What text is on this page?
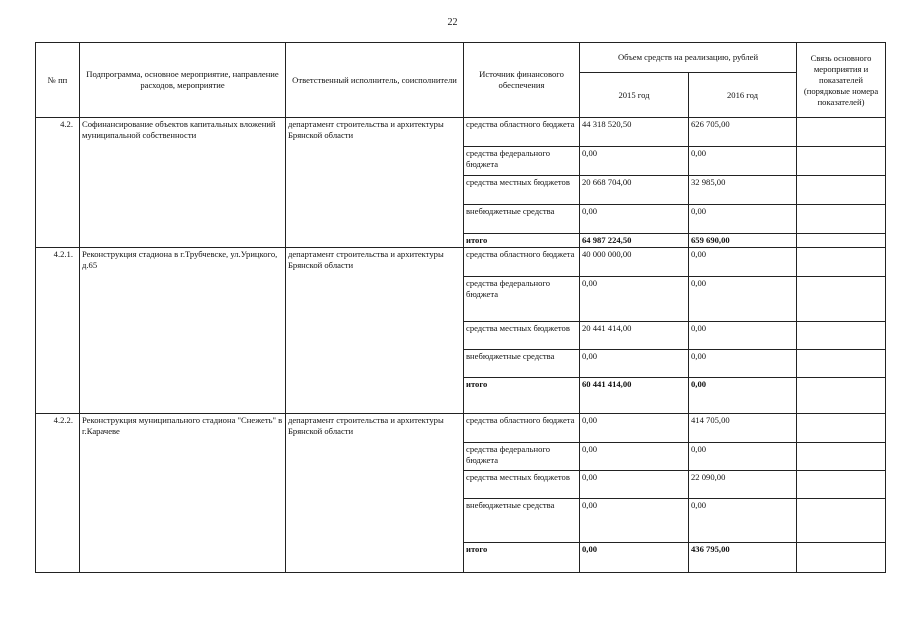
22
№ пп	Подпрограмма, основное мероприятие, направление расходов, мероприятие	Ответственный исполнитель, соисполнители	Источник финансового обеспечения	Объем средств на реализацию, рублей		Связь основного мероприятия и показателей (порядковые номера показателей)
				2015 год	2016 год	
4.2.	Софинансирование объектов капитальных вложений муниципальной собственности	департамент строительства и архитектуры Брянской области	средства областного бюджета	44 318 520,50	626 705,00	
			средства федерального бюджета	0,00	0,00	
			средства местных бюджетов	20 668 704,00	32 985,00	
			внебюджетные средства	0,00	0,00	
			итого	64 987 224,50	659 690,00	
4.2.1.	Реконструкция стадиона в г.Трубчевске, ул.Урицкого, д.65	департамент строительства и архитектуры Брянской области	средства областного бюджета	40 000 000,00	0,00	
			средства федерального бюджета	0,00	0,00	
			средства местных бюджетов	20 441 414,00	0,00	
			внебюджетные средства	0,00	0,00	
			итого	60 441 414,00	0,00	
4.2.2.	Реконструкция муниципального стадиона "Снежеть" в г.Карачеве	департамент строительства и архитектуры Брянской области	средства областного бюджета	0,00	414 705,00	
			средства федерального бюджета	0,00	0,00	
			средства местных бюджетов	0,00	22 090,00	
			внебюджетные средства	0,00	0,00	
			итого	0,00	436 795,00	
